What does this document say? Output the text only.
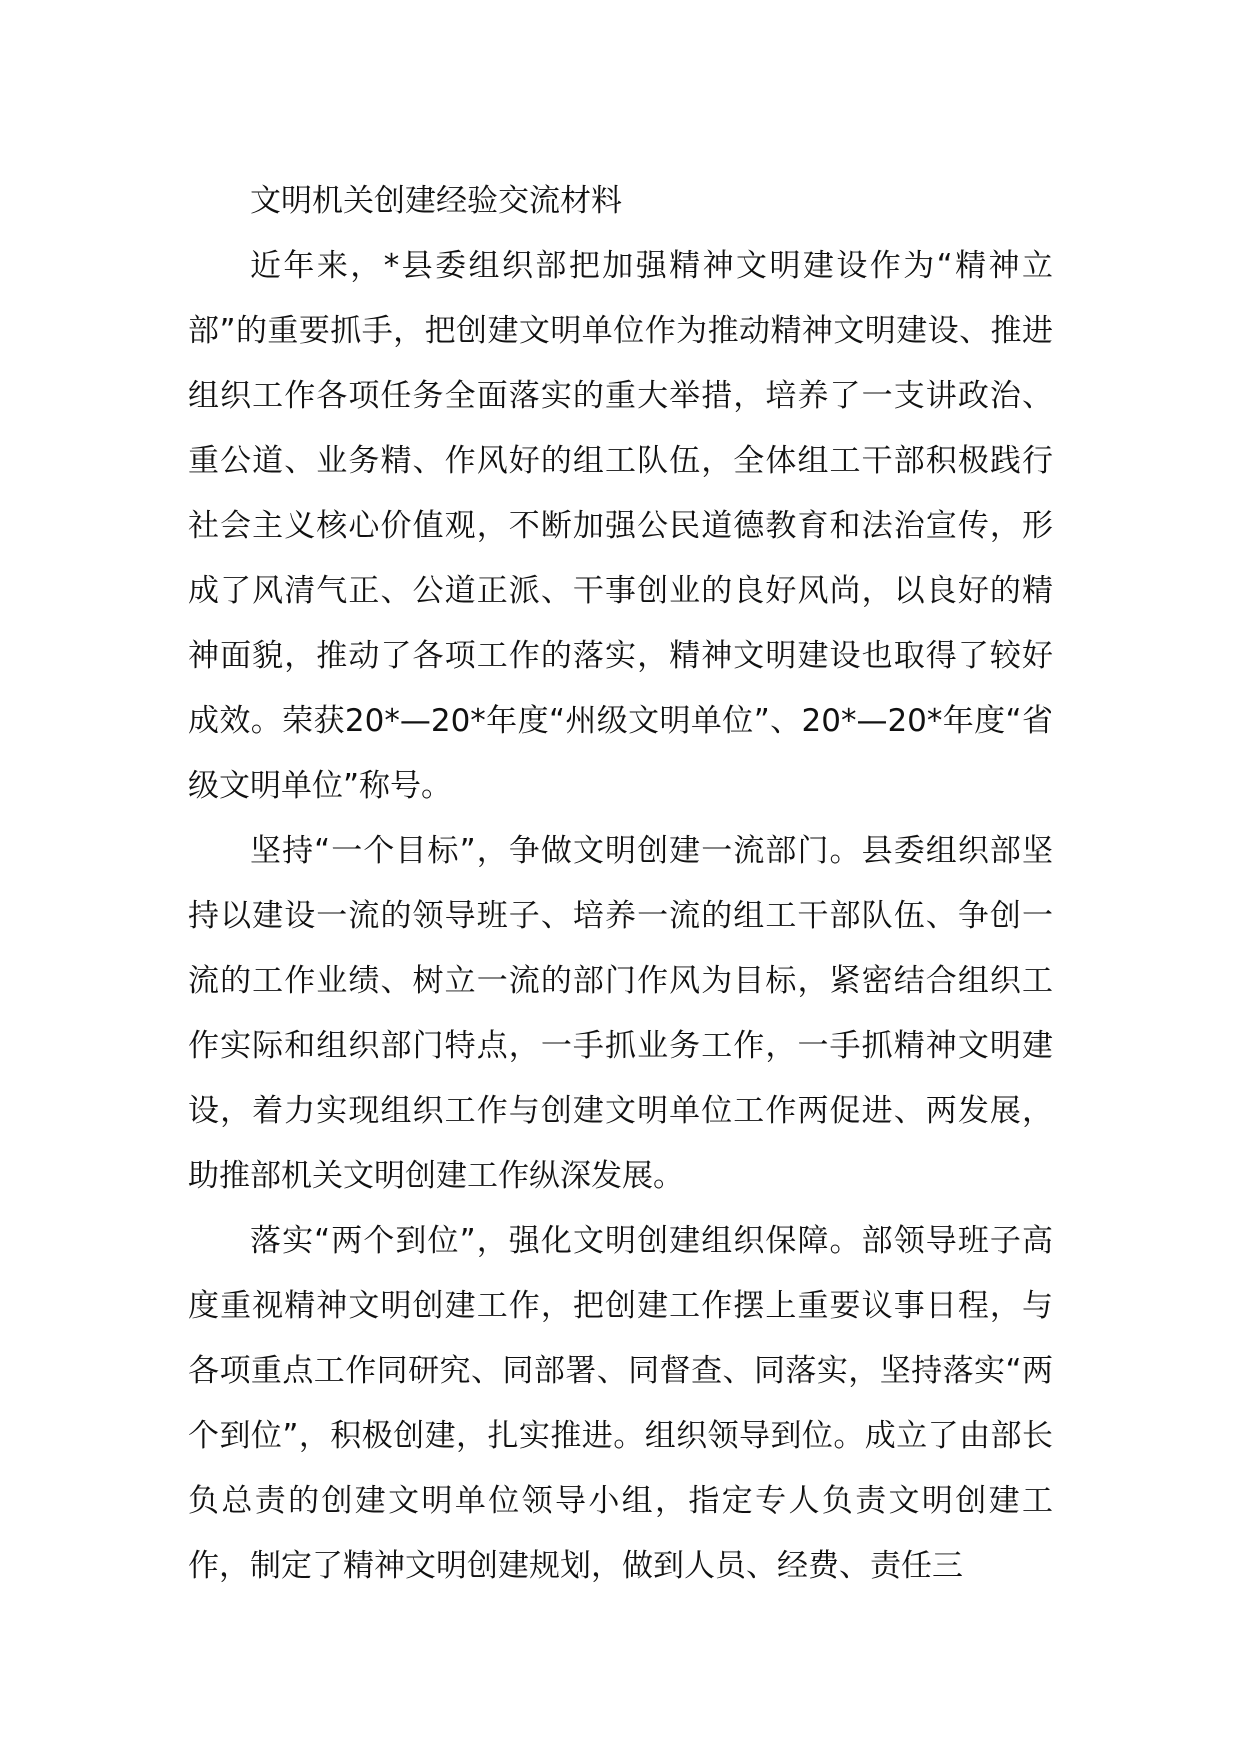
文明机关创建经验交流材料

近年来，*县委组织部把加强精神文明建设作为“精神立部”的重要抓手，把创建文明单位作为推动精神文明建设、推进组织工作各项任务全面落实的重大举措，培养了一支讲政治、重公道、业务精、作风好的组工队伍，全体组工干部积极践行社会主义核心价值观，不断加强公民道德教育和法治宣传，形成了风清气正、公道正派、干事创业的良好风尚，以良好的精神面貌，推动了各项工作的落实，精神文明建设也取得了较好成效。荣获20*—20*年度“州级文明单位”、20*—20*年度“省级文明单位”称号。

坚持“一个目标”，争做文明创建一流部门。县委组织部坚持以建设一流的领导班子、培养一流的组工干部队伍、争创一流的工作业绩、树立一流的部门作风为目标，紧密结合组织工作实际和组织部门特点，一手抓业务工作，一手抓精神文明建设，着力实现组织工作与创建文明单位工作两促进、两发展，助推部机关文明创建工作纵深发展。

落实“两个到位”，强化文明创建组织保障。部领导班子高度重视精神文明创建工作，把创建工作摆上重要议事日程，与各项重点工作同研究、同部署、同督查、同落实，坚持落实“两个到位”，积极创建，扎实推进。组织领导到位。成立了由部长负总责的创建文明单位领导小组，指定专人负责文明创建工作，制定了精神文明创建规划，做到人员、经费、责任三
